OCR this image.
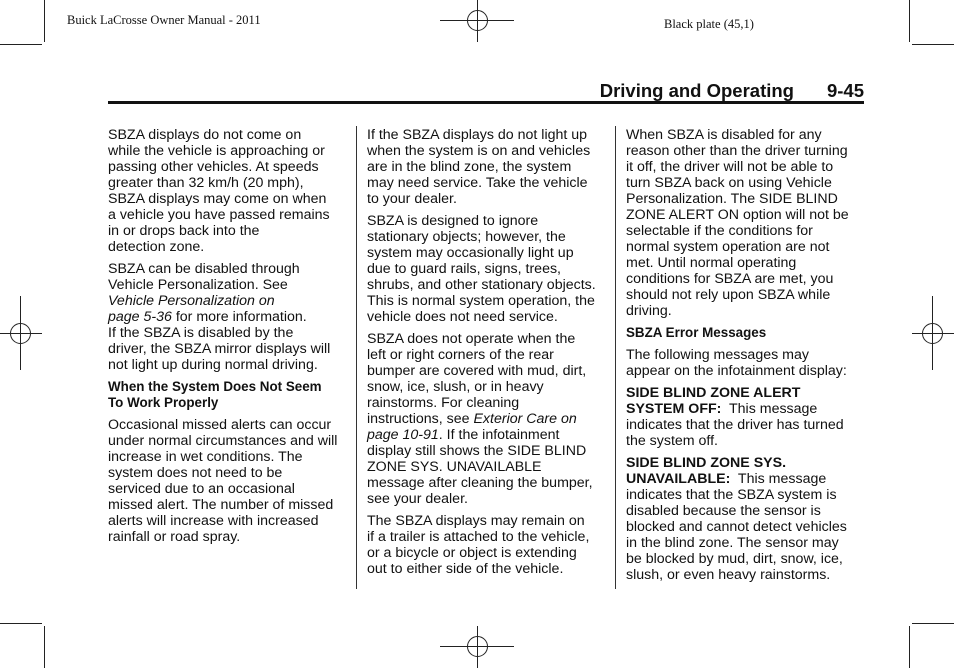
Buick LaCrosse Owner Manual - 2011	Black plate (45,1)
Driving and Operating 9-45

SBZA displays do not come on
while the vehicle is approaching or
passing other vehicles. At speeds
greater than 32 km/h (20 mph),
SBZA displays may come on when
a vehicle you have passed remains
in or drops back into the
detection zone.

SBZA can be disabled through
Vehicle Personalization. See
Vehicle Personalization on
page 5-36 for more information.
If the SBZA is disabled by the
driver, the SBZA mirror displays will
not light up during normal driving.

When the System Does Not Seem
To Work Properly

Occasional missed alerts can occur
under normal circumstances and will
increase in wet conditions. The
system does not need to be
serviced due to an occasional
missed alert. The number of missed
alerts will increase with increased
rainfall or road spray.

If the SBZA displays do not light up
when the system is on and vehicles
are in the blind zone, the system
may need service. Take the vehicle
to your dealer.

SBZA is designed to ignore
stationary objects; however, the
system may occasionally light up
due to guard rails, signs, trees,
shrubs, and other stationary objects.
This is normal system operation, the
vehicle does not need service.

SBZA does not operate when the
left or right corners of the rear
bumper are covered with mud, dirt,
snow, ice, slush, or in heavy
rainstorms. For cleaning
instructions, see Exterior Care on
page 10-91. If the infotainment
display still shows the SIDE BLIND
ZONE SYS. UNAVAILABLE
message after cleaning the bumper,
see your dealer.

The SBZA displays may remain on
if a trailer is attached to the vehicle,
or a bicycle or object is extending
out to either side of the vehicle.

When SBZA is disabled for any
reason other than the driver turning
it off, the driver will not be able to
turn SBZA back on using Vehicle
Personalization. The SIDE BLIND
ZONE ALERT ON option will not be
selectable if the conditions for
normal system operation are not
met. Until normal operating
conditions for SBZA are met, you
should not rely upon SBZA while
driving.

SBZA Error Messages

The following messages may
appear on the infotainment display:

SIDE BLIND ZONE ALERT
SYSTEM OFF:  This message
indicates that the driver has turned
the system off.

SIDE BLIND ZONE SYS.
UNAVAILABLE:  This message
indicates that the SBZA system is
disabled because the sensor is
blocked and cannot detect vehicles
in the blind zone. The sensor may
be blocked by mud, dirt, snow, ice,
slush, or even heavy rainstorms.
